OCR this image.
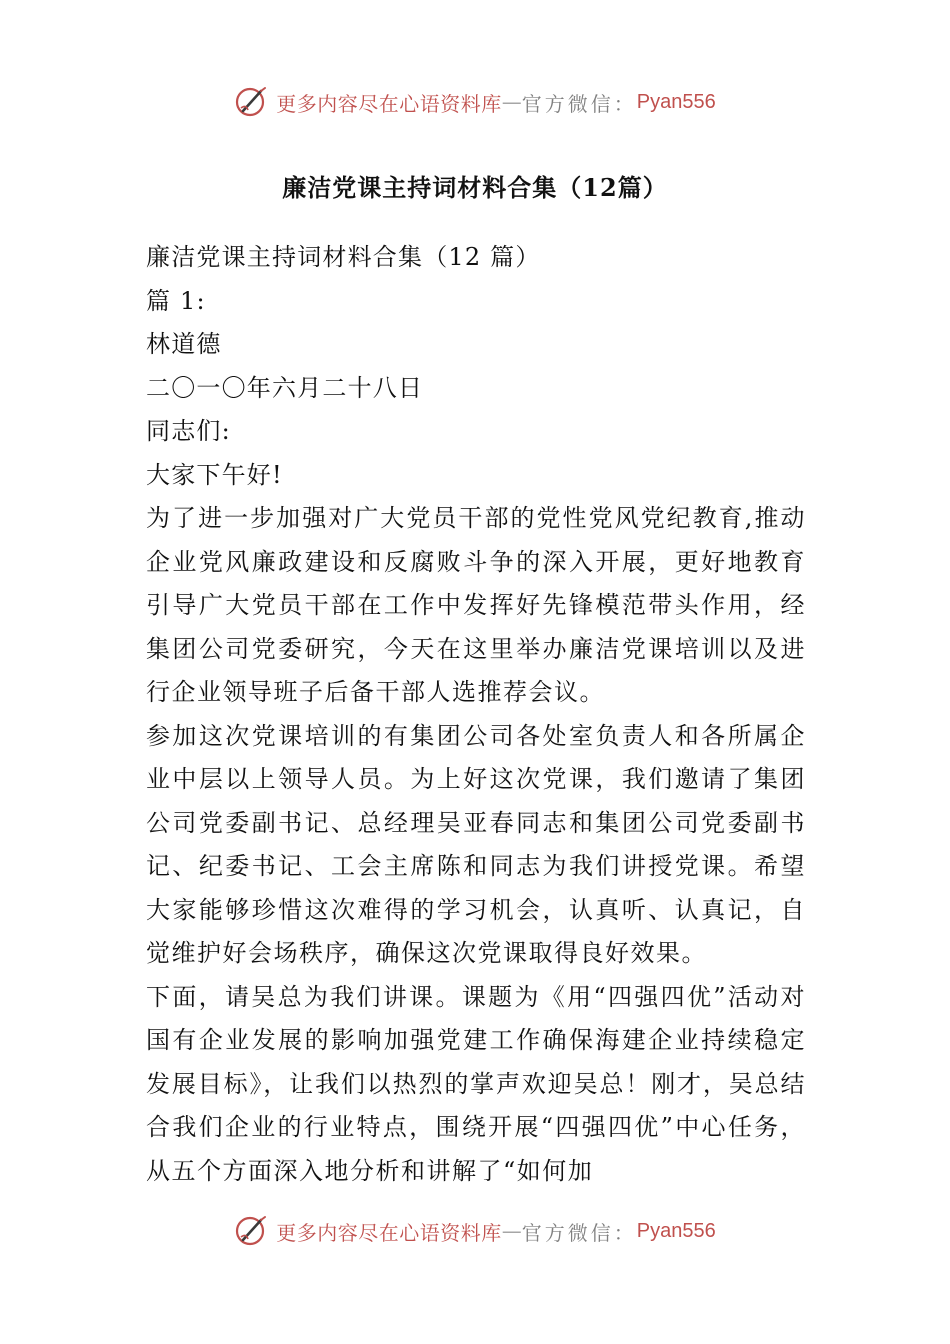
更多内容尽在心语资料库 — 官方微信： Pyan556
廉洁党课主持词材料合集（12篇）
廉洁党课主持词材料合集（12 篇）
篇 1:
林道德
二〇一〇年六月二十八日
同志们:
大家下午好!
为了进一步加强对广大党员干部的党性党风党纪教育,推动企业党风廉政建设和反腐败斗争的深入开展，更好地教育引导广大党员干部在工作中发挥好先锋模范带头作用，经集团公司党委研究，今天在这里举办廉洁党课培训以及进行企业领导班子后备干部人选推荐会议。
参加这次党课培训的有集团公司各处室负责人和各所属企业中层以上领导人员。为上好这次党课，我们邀请了集团公司党委副书记、总经理吴亚春同志和集团公司党委副书记、纪委书记、工会主席陈和同志为我们讲授党课。希望大家能够珍惜这次难得的学习机会，认真听、认真记，自觉维护好会场秩序，确保这次党课取得良好效果。
下面，请吴总为我们讲课。课题为《用“四强四优”活动对国有企业发展的影响加强党建工作确保海建企业持续稳定发展目标》，让我们以热烈的掌声欢迎吴总！刚才，吴总结合我们企业的行业特点，围绕开展“四强四优”中心任务，从五个方面深入地分析和讲解了“如何加
更多内容尽在心语资料库 — 官方微信： Pyan556
